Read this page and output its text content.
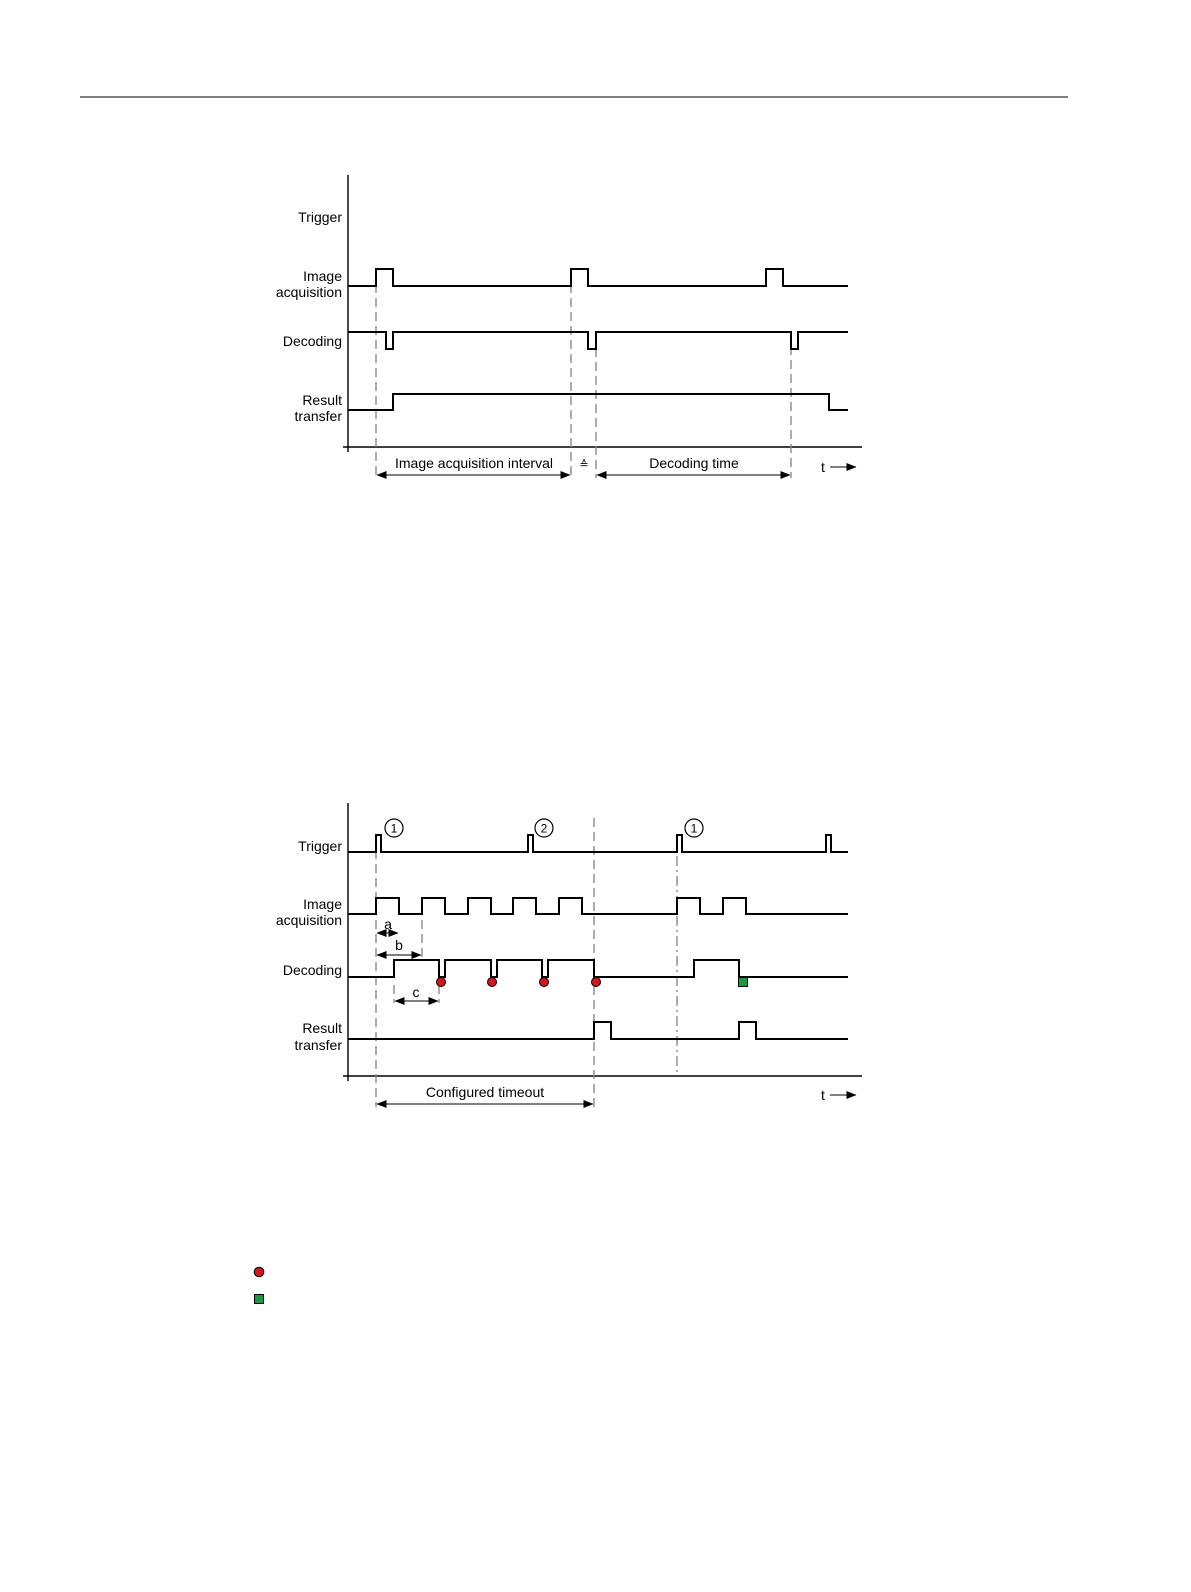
Trigger
Image
acquisition
Decoding
Result
transfer
Image acquisition interval ≙	Decoding time	t
Trigger
Image
acquisition
Decoding
Result
transfer
1	2	1
a
b
c
Configured timeout	t
